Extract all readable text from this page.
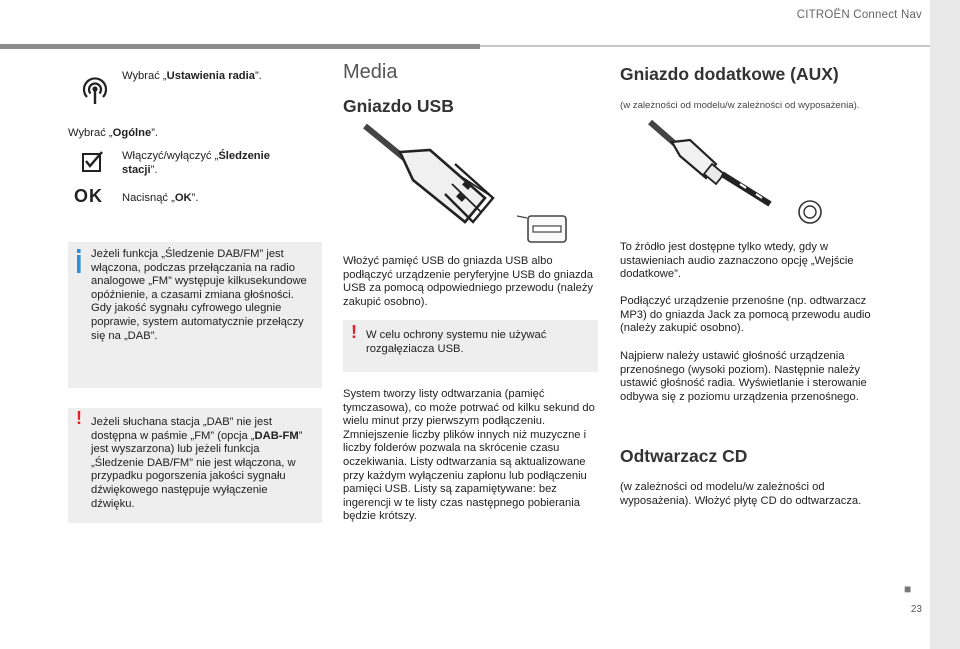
CITROËN Connect Nav
Wybrać „Ustawienia radia”.
Wybrać „Ogólne”.
Włączyć/wyłączyć „Śledzenie stacji”.
OK Nacisnąć „OK”.
Jeżeli funkcja „Śledzenie DAB/FM” jest włączona, podczas przełączania na radio analogowe „FM” występuje kilkusekundowe opóźnienie, a czasami zmiana głośności. Gdy jakość sygnału cyfrowego ulegnie poprawie, system automatycznie przełączy się na „DAB”.
! Jeżeli słuchana stacja „DAB” nie jest dostępna w paśmie „FM” (opcja „DAB-FM” jest wyszarzona) lub jeżeli funkcja „Śledzenie DAB/FM” nie jest włączona, w przypadku pogorszenia jakości sygnału dźwiękowego następuje wyłączenie dźwięku.
Media
Gniazdo USB
Włożyć pamięć USB do gniazda USB albo podłączyć urządzenie peryferyjne USB do gniazda USB za pomocą odpowiedniego przewodu (należy zakupić osobno).
! W celu ochrony systemu nie używać rozgałęziacza USB.
System tworzy listy odtwarzania (pamięć tymczasowa), co może potrwać od kilku sekund do wielu minut przy pierwszym podłączeniu. Zmniejszenie liczby plików innych niż muzyczne i liczby folderów pozwala na skrócenie czasu oczekiwania. Listy odtwarzania są aktualizowane przy każdym wyłączeniu zapłonu lub podłączeniu pamięci USB. Listy są zapamiętywane: bez ingerencji w te listy czas następnego pobierania będzie krótszy.
Gniazdo dodatkowe (AUX)
(w zależności od modelu/w zależności od wyposażenia).
To źródło jest dostępne tylko wtedy, gdy w ustawieniach audio zaznaczono opcję „Wejście dodatkowe”.
Podłączyć urządzenie przenośne (np. odtwarzacz MP3) do gniazda Jack za pomocą przewodu audio (należy zakupić osobno).
Najpierw należy ustawić głośność urządzenia przenośnego (wysoki poziom). Następnie należy ustawić głośność radia. Wyświetlanie i sterowanie odbywa się z poziomu urządzenia przenośnego.
Odtwarzacz CD
(w zależności od modelu/w zależności od wyposażenia). Włożyć płytę CD do odtwarzacza.
■
23
